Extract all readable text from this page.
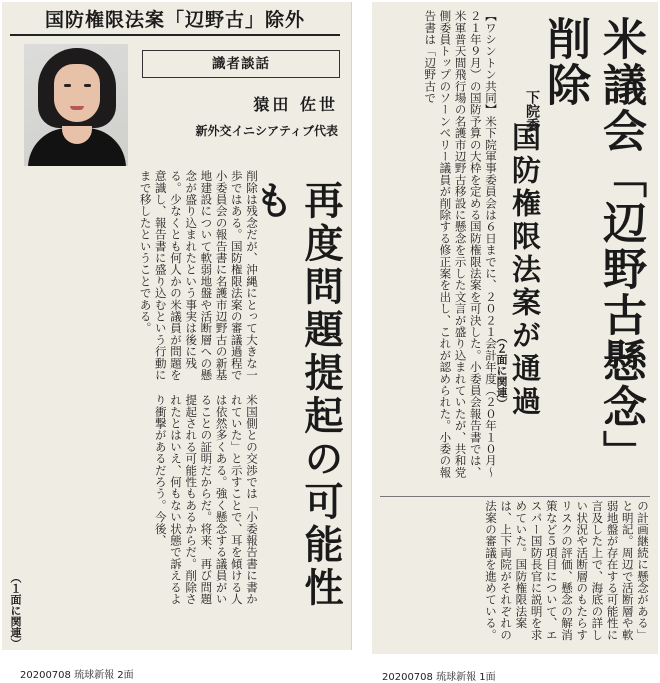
国防権限法案「辺野古」除外
識者談話
猿田 佐世
新外交イニシアティブ代表
再度問題提起の可能性も
削除は残念だが、沖縄にとって大きな一歩ではある。国防権限法案の審議過程で小委員会の報告書に名護市辺野古の新基地建設について軟弱地盤や活断層への懸念が盛り込まれたという事実は後に残る。少なくとも何人かの米議員が問題を意識し、報告書に盛り込むという行動にまで移したということである。
米国側との交渉では「小委報告書に書かれていた」と示すことで、耳を傾ける人は依然多くある。強く懸念する議員がいることの証明だからだ。将来、再び問題提起される可能性もあるからだ。削除されたとはいえ、何もない状態で訴えるより衝撃があるだろう。今後、
（１面に関連）
米議会「辺野古懸念」削除
下院委
国防権限法案が通過
【ワシントン共同】米下院軍事委員会は６日までに、２０２１会計年度（２０年１０月～２１年９月）の国防予算の大枠を定める国防権限法案を可決した。小委員会報告書では、米軍普天間飛行場の名護市辺野古移設に懸念を示した文言が盛り込まれていたが、共和党側委員トップのソーンベリー議員が削除する修正案を出し、これが認められた。小委の報告書は「辺野古で
（２面に関連）
の計画継続に懸念がある」と明記。周辺で活断層や軟弱地盤が存在する可能性に言及した上で、海底の詳しい状況や活断層のもたらすリスクの評価、懸念の解消策など５項目について、エスパー国防長官に説明を求めていた。国防権限法案は、上下両院がそれぞれの法案の審議を進めている。
20200708 琉球新報 2面	20200708 琉球新報 1面
